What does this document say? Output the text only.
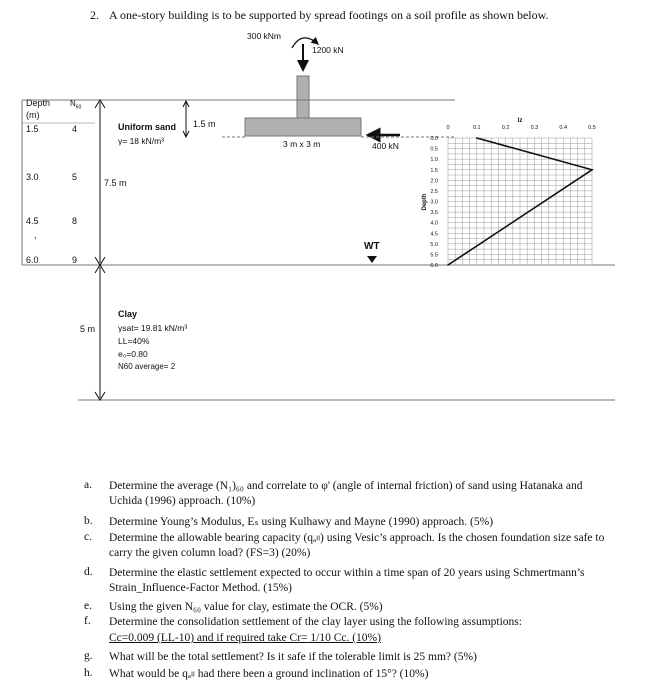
2. A one-story building is to be supported by spread footings on a soil profile as shown below.
0	0.1	0.2	0.3	0.4	0.5
0.0
0.5
1.0
1.5
2.0
2.5
3.0
3.5
4.0
4.5
5.0
5.5
6.0
Iz
Depth
300 kNm
1200 kN
400 kN
3 m x 3 m
1.5 m
Depth
(m)
$N_{60}$
1.5	4
3.0	5
4.5	8
,
6.0	9
Uniform sand
γ= 18 kN/m³
7.5 m
5 m
Clay
γsat= 19.81 kN/m³
LL=40%
e₀=0.80
N60 average= 2
WT
a. Determine the average (N₁)₆₀ and correlate to φ' (angle of internal friction) of sand using Hatanaka and Uchida (1996) approach. (10%)
b. Determine Young’s Modulus, Eₛ using Kulhawy and Mayne (1990) approach. (5%)
c. Determine the allowable bearing capacity (qₐₗₗ) using Vesic’s approach. Is the chosen foundation size safe to carry the given column load? (FS=3) (20%)
d. Determine the elastic settlement expected to occur within a time span of 20 years using Schmertmann’s Strain_Influence-Factor Method. (15%)
e. Using the given N₆₀ value for clay, estimate the OCR. (5%)
f. Determine the consolidation settlement of the clay layer using the following assumptions:
Cc=0.009 (LL-10) and if required take Cr= 1/10 Cc. (10%)
g. What will be the total settlement? Is it safe if the tolerable limit is 25 mm? (5%)
h. What would be qₐₗₗ had there been a ground inclination of 15°? (10%)
